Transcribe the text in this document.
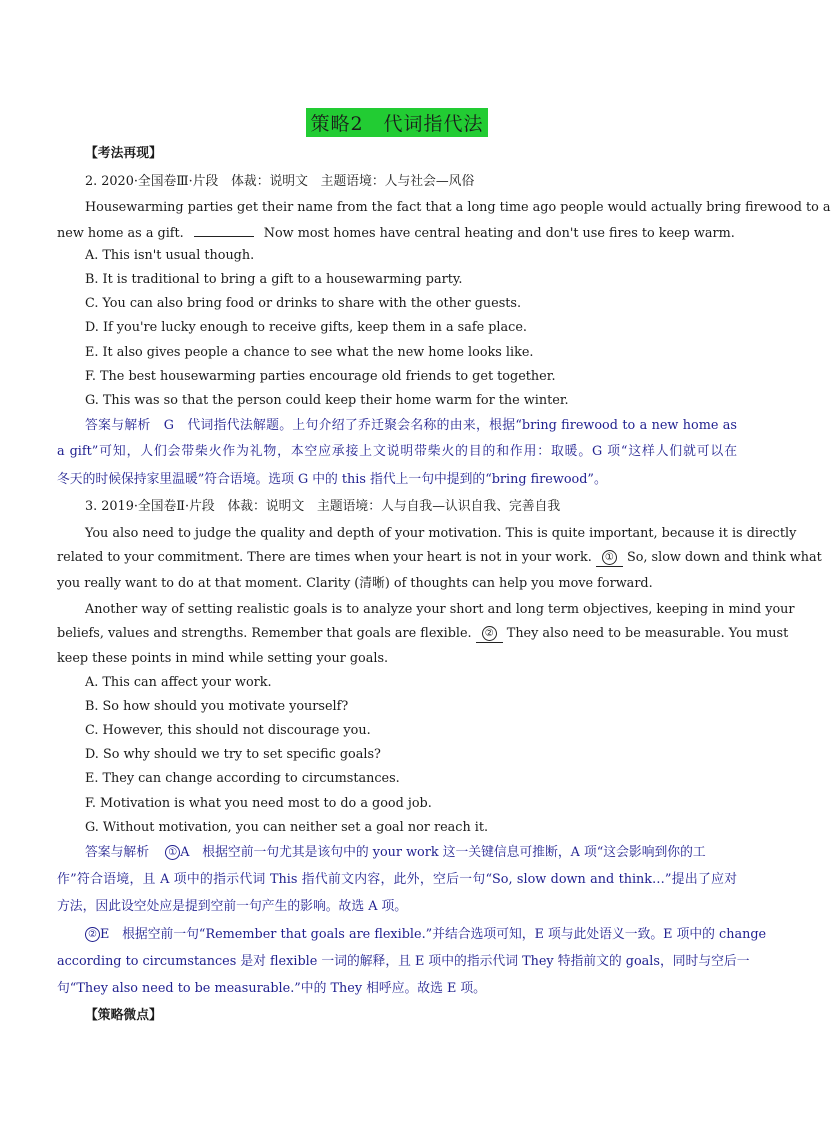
策略2　代词指代法
【考法再现】
2. 2020·全国卷Ⅲ·片段　体裁：说明文　主题语境：人与社会—风俗
Housewarming parties get their name from the fact that a long time ago people would actually bring firewood to a
new home as a gift.	Now most homes have central heating and don't use fires to keep warm.
A. This isn't usual though.
B. It is traditional to bring a gift to a housewarming party.
C. You can also bring food or drinks to share with the other guests.
D. If you're lucky enough to receive gifts, keep them in a safe place.
E. It also gives people a chance to see what the new home looks like.
F. The best housewarming parties encourage old friends to get together.
G. This was so that the person could keep their home warm for the winter.
答案与解析　G　代词指代法解题。上句介绍了乔迁聚会名称的由来，根据“bring firewood to a new home as
a gift”可知，人们会带柴火作为礼物，本空应承接上文说明带柴火的目的和作用：取暖。G 项“这样人们就可以在
冬天的时候保持家里温暖”符合语境。选项 G 中的 this 指代上一句中提到的“bring firewood”。
3. 2019·全国卷Ⅱ·片段　体裁：说明文　主题语境：人与自我—认识自我、完善自我
You also need to judge the quality and depth of your motivation. This is quite important, because it is directly
related to your commitment. There are times when your heart is not in your work. ① So, slow down and think what
you really want to do at that moment. Clarity (清晰) of thoughts can help you move forward.
Another way of setting realistic goals is to analyze your short and long term objectives, keeping in mind your
beliefs, values and strengths. Remember that goals are flexible. ② They also need to be measurable. You must
keep these points in mind while setting your goals.
A. This can affect your work.
B. So how should you motivate yourself?
C. However, this should not discourage you.
D. So why should we try to set specific goals?
E. They can change according to circumstances.
F. Motivation is what you need most to do a good job.
G. Without motivation, you can neither set a goal nor reach it.
答案与解析 ① A　根据空前一句尤其是该句中的 your work 这一关键信息可推断，A 项“这会影响到你的工
作”符合语境，且 A 项中的指示代词 This 指代前文内容，此外，空后一句“So, slow down and think…”提出了应对
方法，因此设空处应是提到空前一句产生的影响。故选 A 项。
② E　根据空前一句“Remember that goals are flexible.”并结合选项可知，E 项与此处语义一致。E 项中的 change
according to circumstances 是对 flexible 一词的解释，且 E 项中的指示代词 They 特指前文的 goals，同时与空后一
句“They also need to be measurable.”中的 They 相呼应。故选 E 项。
【策略微点】
